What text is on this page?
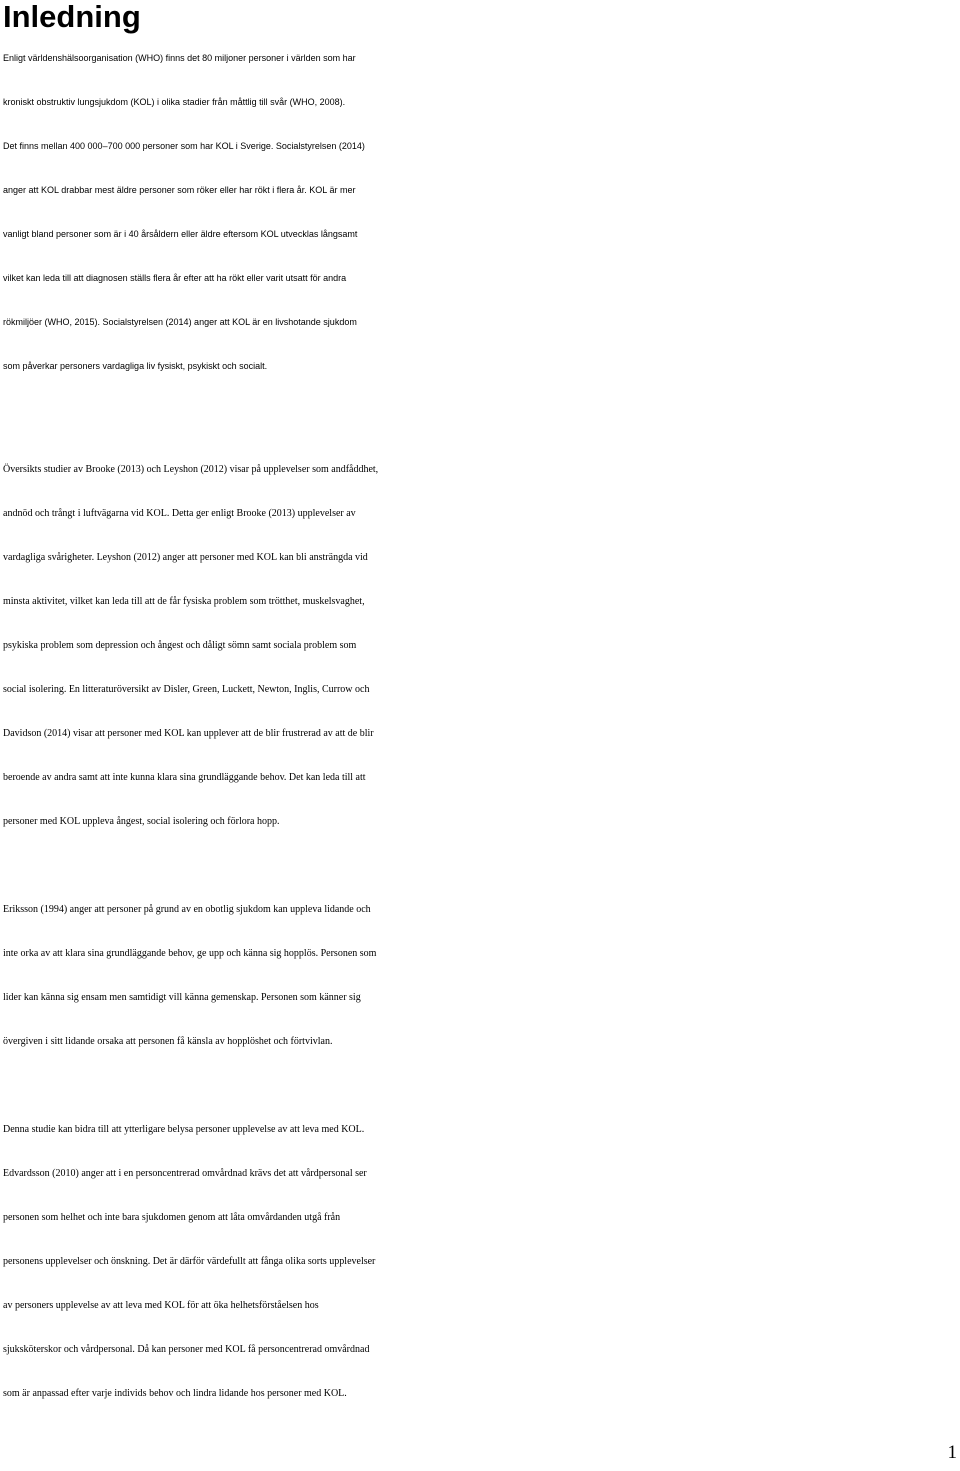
Inledning

Enligt världenshälsoorganisation (WHO) finns det 80 miljoner personer i världen som har
kroniskt obstruktiv lungsjukdom (KOL) i olika stadier från måttlig till svår (WHO, 2008).
Det finns mellan 400 000–700 000 personer som har KOL i Sverige. Socialstyrelsen (2014)
anger att KOL drabbar mest äldre personer som röker eller har rökt i flera år. KOL är mer
vanligt bland personer som är i 40 årsåldern eller äldre eftersom KOL utvecklas långsamt
vilket kan leda till att diagnosen ställs flera år efter att ha rökt eller varit utsatt för andra
rökmiljöer (WHO, 2015). Socialstyrelsen (2014) anger att KOL är en livshotande sjukdom
som påverkar personers vardagliga liv fysiskt, psykiskt och socialt.

Översikts studier av Brooke (2013) och Leyshon (2012) visar på upplevelser som andfåddhet,
andnöd och trångt i luftvägarna vid KOL. Detta ger enligt Brooke (2013) upplevelser av
vardagliga svårigheter. Leyshon (2012) anger att personer med KOL kan bli ansträngda vid
minsta aktivitet, vilket kan leda till att de får fysiska problem som trötthet, muskelsvaghet,
psykiska problem som depression och ångest och dåligt sömn samt sociala problem som
social isolering. En litteraturöversikt av Disler, Green, Luckett, Newton, Inglis, Currow och
Davidson (2014) visar att personer med KOL kan upplever att de blir frustrerad av att de blir
beroende av andra samt att inte kunna klara sina grundläggande behov. Det kan leda till att
personer med KOL uppleva ångest, social isolering och förlora hopp.

Eriksson (1994) anger att personer på grund av en obotlig sjukdom kan uppleva lidande och
inte orka av att klara sina grundläggande behov, ge upp och känna sig hopplös. Personen som
lider kan känna sig ensam men samtidigt vill känna gemenskap. Personen som känner sig
övergiven i sitt lidande orsaka att personen få känsla av hopplöshet och förtvivlan.

Denna studie kan bidra till att ytterligare belysa personer upplevelse av att leva med KOL.
Edvardsson (2010) anger att i en personcentrerad omvårdnad krävs det att vårdpersonal ser
personen som helhet och inte bara sjukdomen genom att låta omvårdanden utgå från
personens upplevelser och önskning. Det är därför värdefullt att fånga olika sorts upplevelser
av personers upplevelse av att leva med KOL för att öka helhetsförståelsen hos
sjuksköterskor och vårdpersonal. Då kan personer med KOL få personcentrerad omvårdnad
som är anpassad efter varje individs behov och lindra lidande hos personer med KOL.

1
